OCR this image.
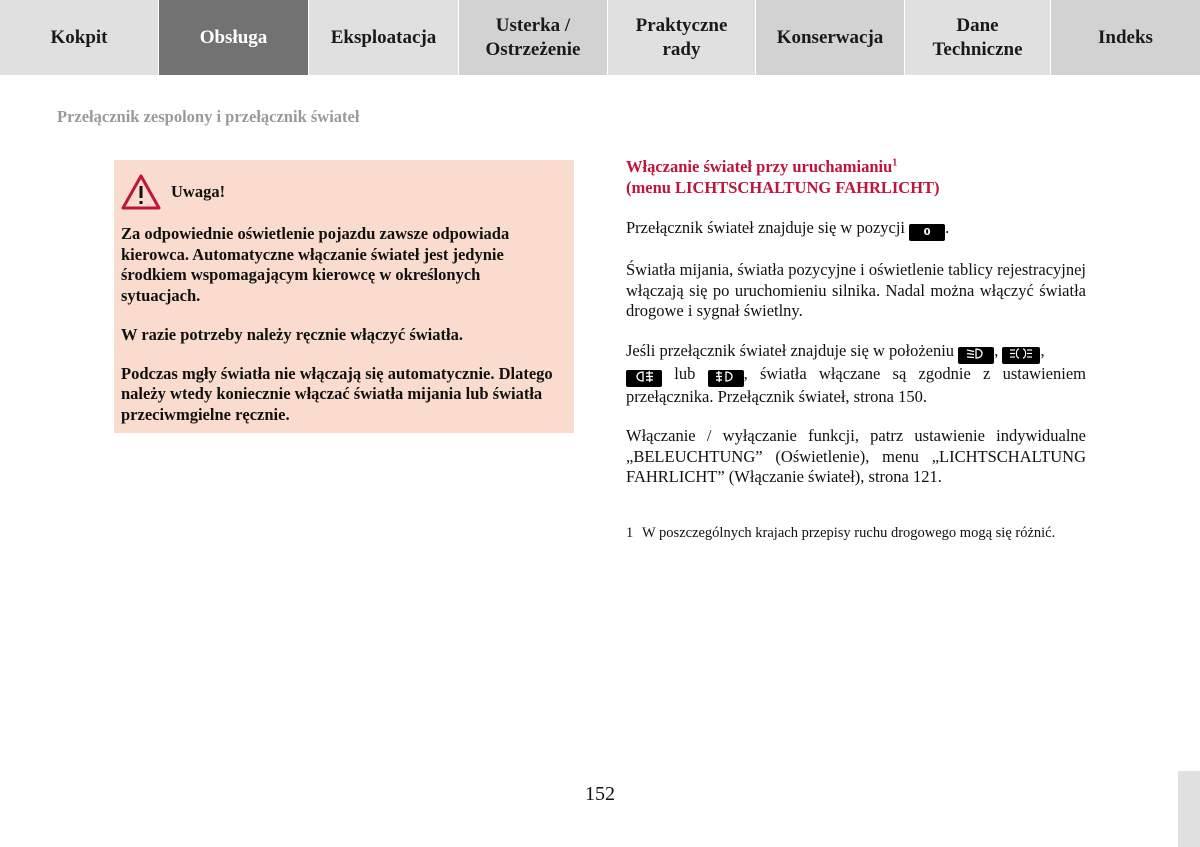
Kokpit	Obsługa	Eksploatacja
Usterka /
Ostrzeżenie
Praktyczne
rady
Konserwacja
Dane
Techniczne
Indeks
Przełącznik zespolony i przełącznik świateł
Uwaga!

Za odpowiednie oświetlenie pojazdu zawsze odpowiada kierowca. Automatyczne włączanie świateł jest jedynie środkiem wspomagającym kierowcę w określonych sytuacjach.

W razie potrzeby należy ręcznie włączyć światła.

Podczas mgły światła nie włączają się automatycznie. Dlatego należy wtedy koniecznie włączać światła mijania lub światła przeciwmgielne ręcznie.

Włączanie świateł przy uruchamianiu$^1$
(menu LICHTSCHALTUNG FAHRLICHT)
Przełącznik świateł znajduje się w pozycji 0 .
Światła mijania, światła pozycyjne i oświetlenie tablicy rejestracyjnej włączają się po uruchomieniu silnika. Nadal można włączyć światła drogowe i sygnał świetlny.
Jeśli przełącznik świateł znajduje się w położeniu , ,
lub , światła włączane są zgodnie z ustawieniem przełącznika. Przełącznik świateł, strona 150.
Włączanie / wyłączanie funkcji, patrz ustawienie indywidualne „BELEUCHTUNG” (Oświetlenie), menu „LICHTSCHALTUNG FAHRLICHT” (Włączanie świateł), strona 121.
1 W poszczególnych krajach przepisy ruchu drogowego mogą się różnić.
152
